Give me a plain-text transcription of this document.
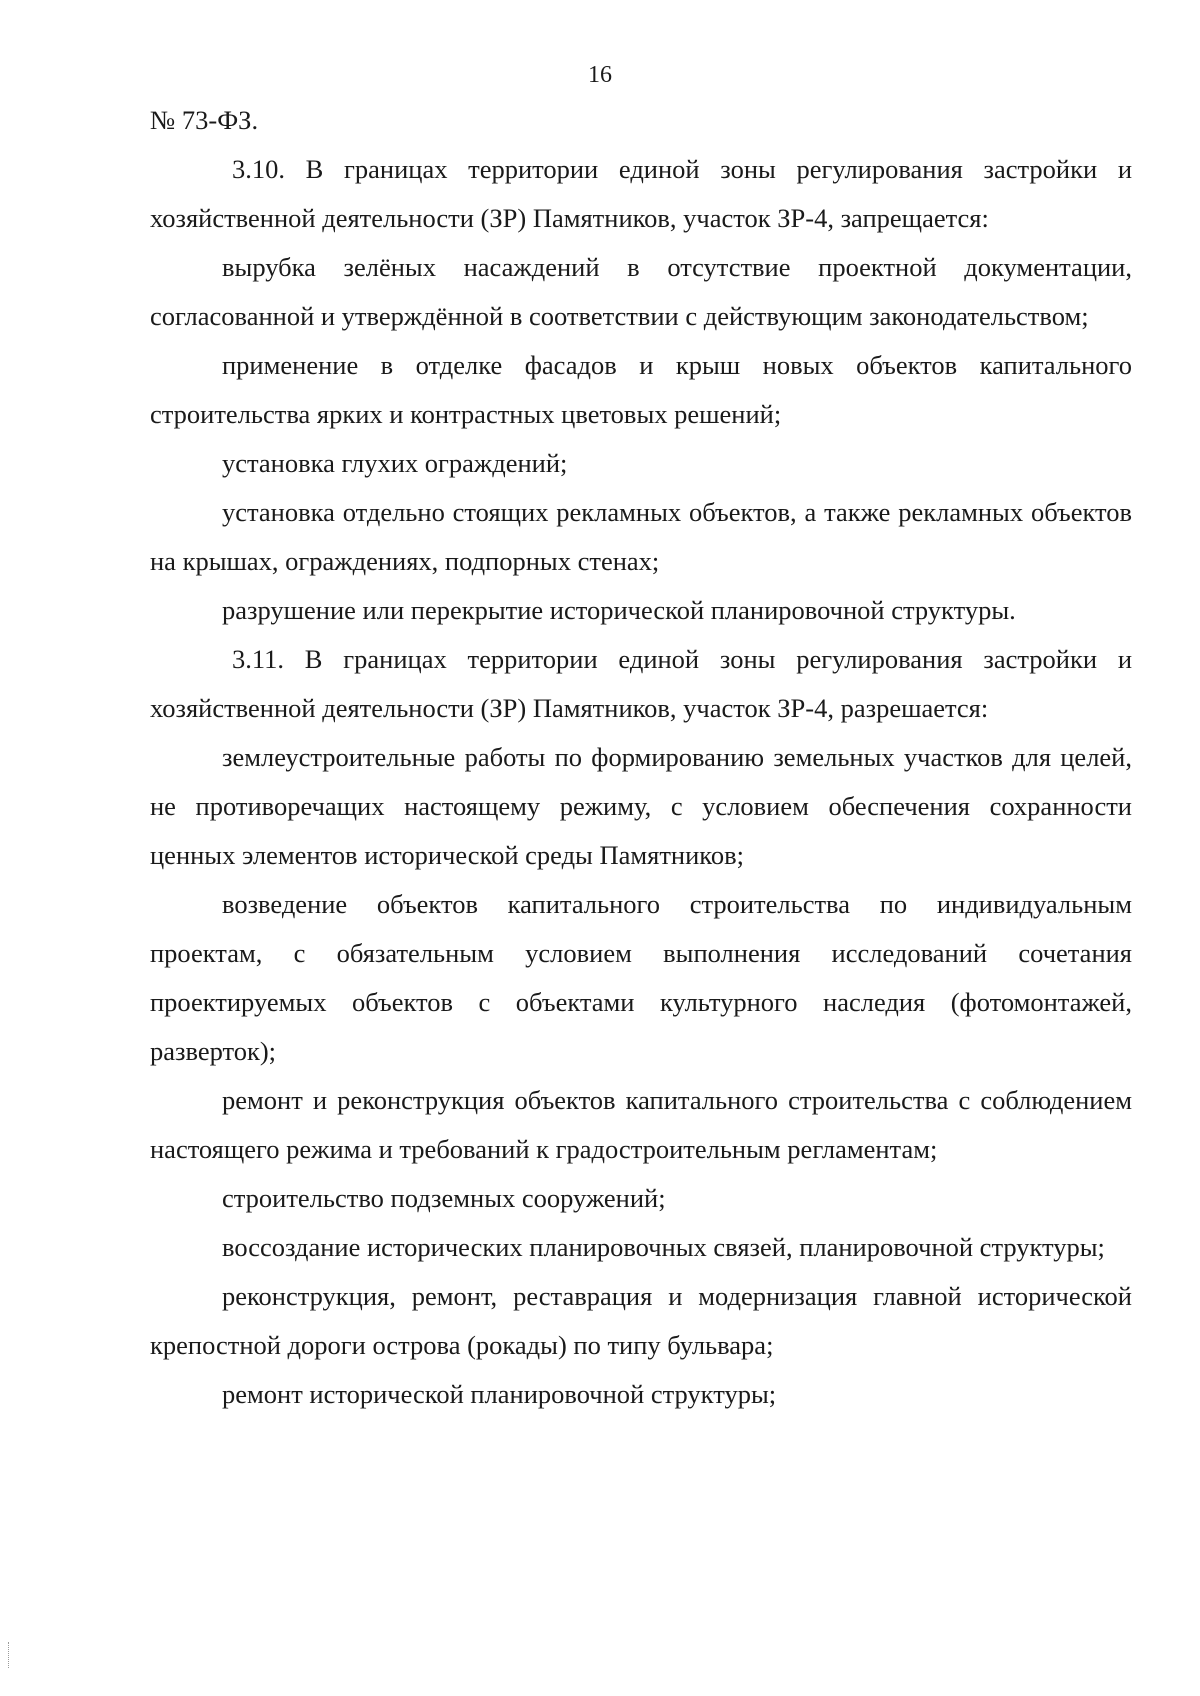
16

№ 73-ФЗ.

3.10. В границах территории единой зоны регулирования застройки и хозяйственной деятельности (ЗР) Памятников, участок ЗР-4, запрещается:

вырубка зелёных насаждений в отсутствие проектной документации, согласованной и утверждённой в соответствии с действующим законодательством;

применение в отделке фасадов и крыш новых объектов капитального строительства ярких и контрастных цветовых решений;

установка глухих ограждений;

установка отдельно стоящих рекламных объектов, а также рекламных объектов на крышах, ограждениях, подпорных стенах;

разрушение или перекрытие исторической планировочной структуры.

3.11. В границах территории единой зоны регулирования застройки и хозяйственной деятельности (ЗР) Памятников, участок ЗР-4, разрешается:

землеустроительные работы по формированию земельных участков для целей, не противоречащих настоящему режиму, с условием обеспечения сохранности ценных элементов исторической среды Памятников;

возведение объектов капитального строительства по индивидуальным проектам, с обязательным условием выполнения исследований сочетания проектируемых объектов с объектами культурного наследия (фотомонтажей, разверток);

ремонт и реконструкция объектов капитального строительства с соблюдением настоящего режима и требований к градостроительным регламентам;

строительство подземных сооружений;

воссоздание исторических планировочных связей, планировочной структуры;

реконструкция, ремонт, реставрация и модернизация главной исторической крепостной дороги острова (рокады) по типу бульвара;

ремонт исторической планировочной структуры;
